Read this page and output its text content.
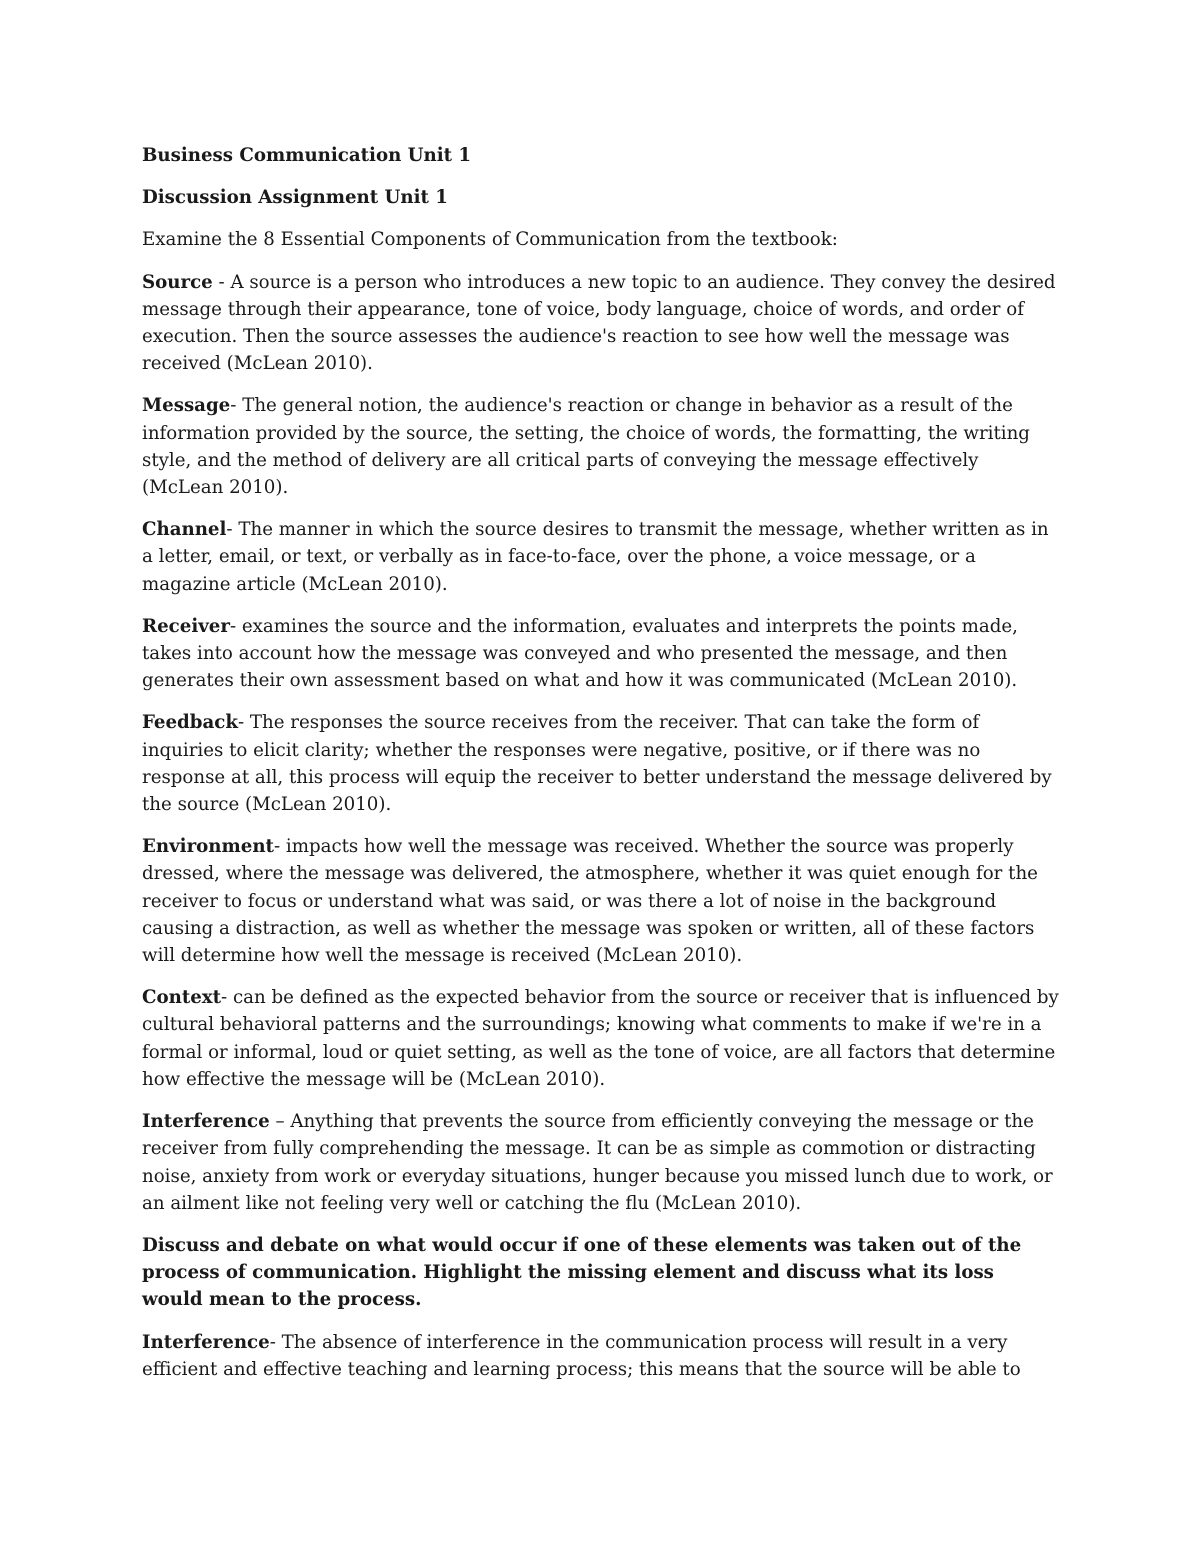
Business Communication Unit 1

Discussion Assignment Unit 1

Examine the 8 Essential Components of Communication from the textbook:

Source - A source is a person who introduces a new topic to an audience. They convey the desired message through their appearance, tone of voice, body language, choice of words, and order of execution. Then the source assesses the audience's reaction to see how well the message was received (McLean 2010).

Message- The general notion, the audience's reaction or change in behavior as a result of the information provided by the source, the setting, the choice of words, the formatting, the writing style, and the method of delivery are all critical parts of conveying the message effectively (McLean 2010).

Channel- The manner in which the source desires to transmit the message, whether written as in a letter, email, or text, or verbally as in face-to-face, over the phone, a voice message, or a magazine article (McLean 2010).

Receiver- examines the source and the information, evaluates and interprets the points made, takes into account how the message was conveyed and who presented the message, and then generates their own assessment based on what and how it was communicated (McLean 2010).

Feedback- The responses the source receives from the receiver. That can take the form of inquiries to elicit clarity; whether the responses were negative, positive, or if there was no response at all, this process will equip the receiver to better understand the message delivered by the source (McLean 2010).

Environment- impacts how well the message was received. Whether the source was properly dressed, where the message was delivered, the atmosphere, whether it was quiet enough for the receiver to focus or understand what was said, or was there a lot of noise in the background causing a distraction, as well as whether the message was spoken or written, all of these factors will determine how well the message is received (McLean 2010).

Context- can be defined as the expected behavior from the source or receiver that is influenced by cultural behavioral patterns and the surroundings; knowing what comments to make if we're in a formal or informal, loud or quiet setting, as well as the tone of voice, are all factors that determine how effective the message will be (McLean 2010).

Interference – Anything that prevents the source from efficiently conveying the message or the receiver from fully comprehending the message. It can be as simple as commotion or distracting noise, anxiety from work or everyday situations, hunger because you missed lunch due to work, or an ailment like not feeling very well or catching the flu (McLean 2010).

Discuss and debate on what would occur if one of these elements was taken out of the process of communication. Highlight the missing element and discuss what its loss would mean to the process.

Interference- The absence of interference in the communication process will result in a very efficient and effective teaching and learning process; this means that the source will be able to
